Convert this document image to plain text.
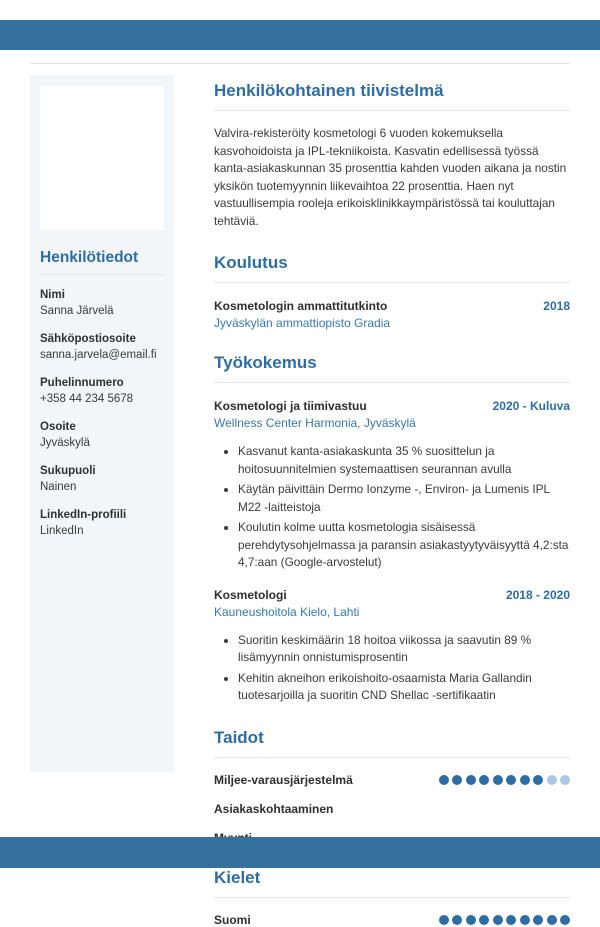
Henkilötiedot
Nimi
Sanna Järvelä
Sähköpostiosoite
sanna.jarvela@email.fi
Puhelinnumero
+358 44 234 5678
Osoite
Jyväskylä
Sukupuoli
Nainen
LinkedIn-profiili
LinkedIn
Henkilökohtainen tiivistelmä

Valvira-rekisteröity kosmetologi 6 vuoden kokemuksella kasvohoidoista ja IPL-tekniikoista. Kasvatin edellisessä työssä kanta-asiakaskunnan 35 prosenttia kahden vuoden aikana ja nostin yksikön tuotemyynnin liikevaihtoa 22 prosenttia. Haen nyt vastuullisempia rooleja erikoisklinikkaympäristössä tai kouluttajan tehtäviä.

Koulutus
Kosmetologin ammattitutkinto	2018
Jyväskylän ammattiopisto Gradia
Työkokemus
Kosmetologi ja tiimivastuu	2020 - Kuluva
Wellness Center Harmonia, Jyväskylä
• Kasvanut kanta-asiakaskunta 35 % suosittelun ja hoitosuunnitelmien systemaattisen seurannan avulla
• Käytän päivittäin Dermo Ionzyme -, Environ- ja Lumenis IPL M22 -laitteistoja
• Koulutin kolme uutta kosmetologia sisäisessä perehdytysohjelmassa ja paransin asiakastyytyväisyyttä 4,2:sta 4,7:aan (Google-arvostelut)
Kosmetologi	2018 - 2020
Kauneushoitola Kielo, Lahti
• Suoritin keskimäärin 18 hoitoa viikossa ja saavutin 89 % lisämyynnin onnistumisprosentin
• Kehitin akneihon erikoishoito-osaamista Maria Gallandin tuotesarjoilla ja suoritin CND Shellac -sertifikaatin
Taidot
Miljee-varausjärjestelmä
Asiakaskohtaaminen
Kielet
Suomi
